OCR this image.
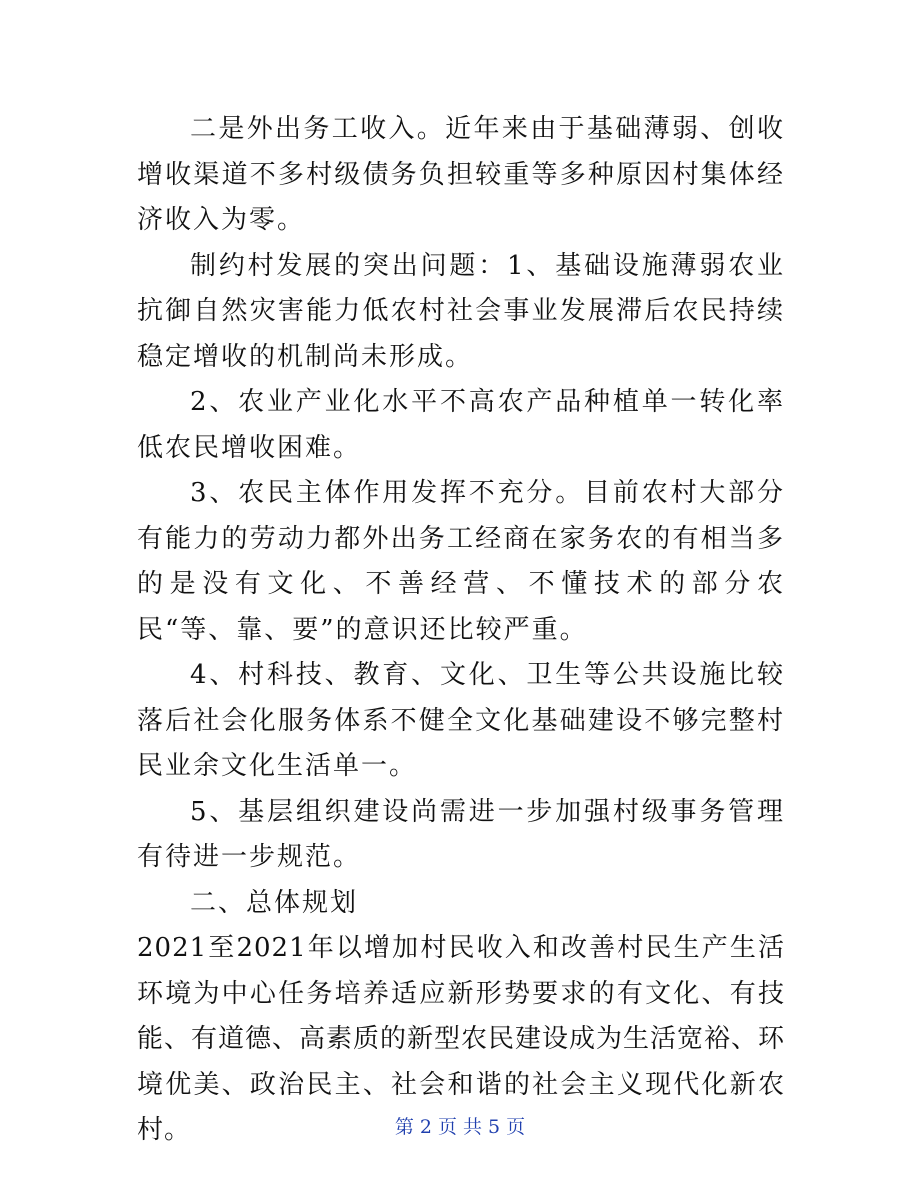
二是外出务工收入。近年来由于基础薄弱、创收增收渠道不多村级债务负担较重等多种原因村集体经济收入为零。

制约村发展的突出问题：1、基础设施薄弱农业抗御自然灾害能力低农村社会事业发展滞后农民持续稳定增收的机制尚未形成。

2、农业产业化水平不高农产品种植单一转化率低农民增收困难。

3、农民主体作用发挥不充分。目前农村大部分有能力的劳动力都外出务工经商在家务农的有相当多的是没有文化、不善经营、不懂技术的部分农民“等、靠、要”的意识还比较严重。

4、村科技、教育、文化、卫生等公共设施比较落后社会化服务体系不健全文化基础建设不够完整村民业余文化生活单一。

5、基层组织建设尚需进一步加强村级事务管理有待进一步规范。

二、总体规划

2021至2021年以增加村民收入和改善村民生产生活环境为中心任务培养适应新形势要求的有文化、有技能、有道德、高素质的新型农民建设成为生活宽裕、环境优美、政治民主、社会和谐的社会主义现代化新农村。	第 2 页 共 5 页
